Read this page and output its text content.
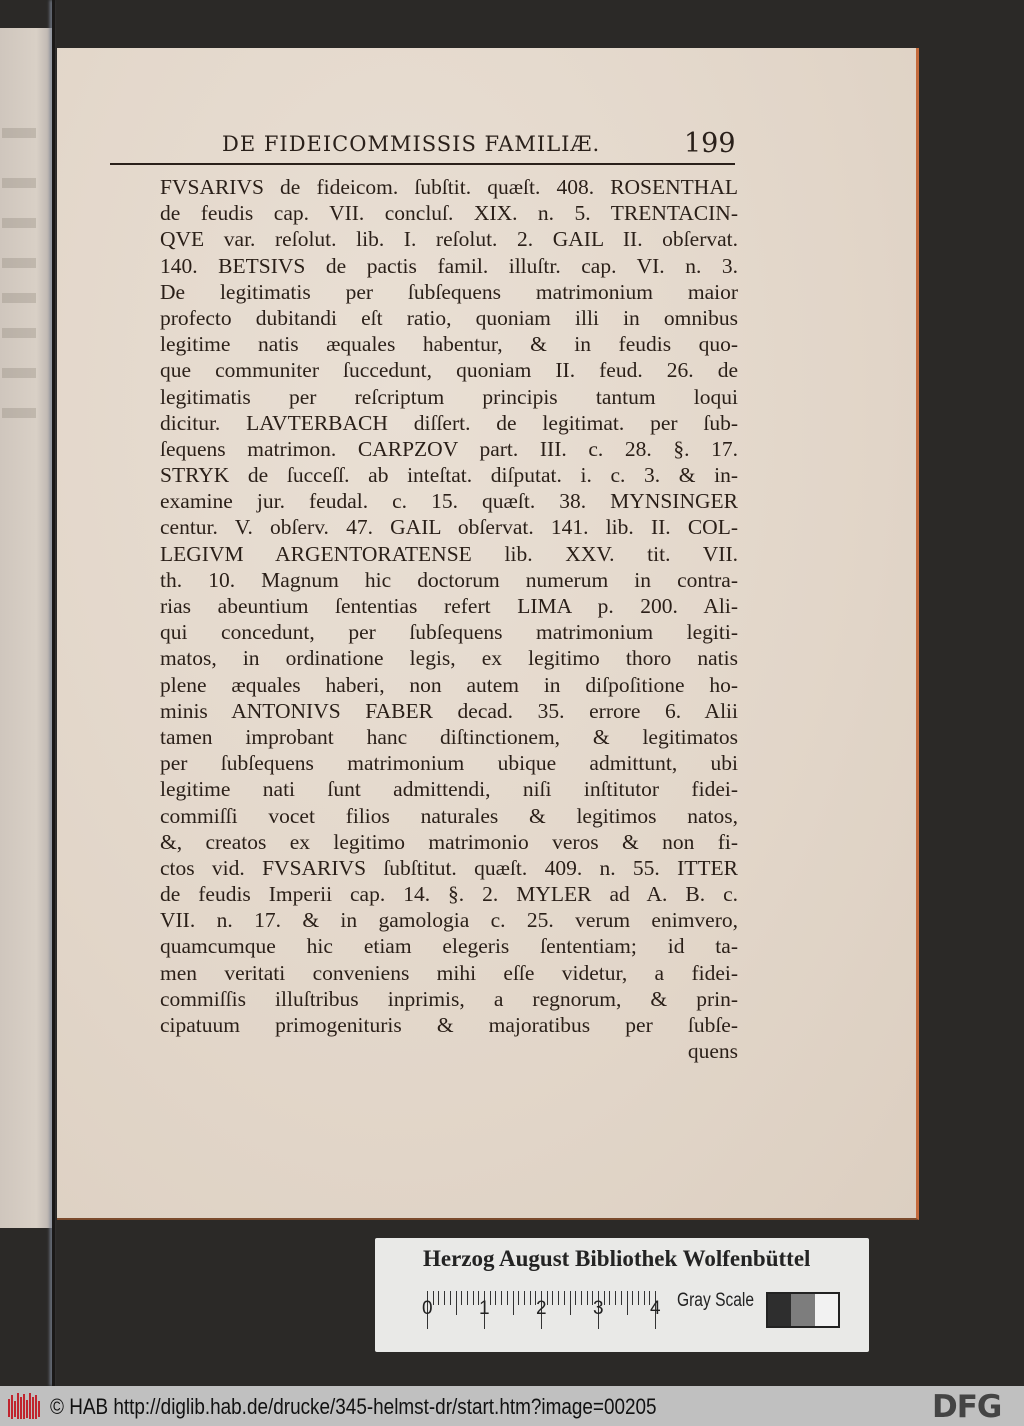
DE FIDEICOMMISSIS FAMILIÆ.	199
FVSARIVS de fideicom. ſubſtit. quæſt. 408. ROSENTHAL
de feudis cap. VII. concluſ. XIX. n. 5. TRENTACIN-
QVE var. reſolut. lib. I. reſolut. 2. GAIL II. obſervat.
140. BETSIVS de pactis famil. illuſtr. cap. VI. n. 3.
De legitimatis per ſubſequens matrimonium maior
profecto dubitandi eſt ratio, quoniam illi in omnibus
legitime natis æquales habentur, & in feudis quo-
que communiter ſuccedunt, quoniam II. feud. 26. de
legitimatis per reſcriptum principis tantum loqui
dicitur. LAVTERBACH diſſert. de legitimat. per ſub-
ſequens matrimon. CARPZOV part. III. c. 28. §. 17.
STRYK de ſucceſſ. ab inteſtat. diſputat. i. c. 3. & in-
examine jur. feudal. c. 15. quæſt. 38. MYNSINGER
centur. V. obſerv. 47. GAIL obſervat. 141. lib. II. COL-
LEGIVM ARGENTORATENSE lib. XXV. tit. VII.
th. 10. Magnum hic doctorum numerum in contra-
rias abeuntium ſententias refert LIMA p. 200. Ali-
qui concedunt, per ſubſequens matrimonium legiti-
matos, in ordinatione legis, ex legitimo thoro natis
plene æquales haberi, non autem in diſpoſitione ho-
minis ANTONIVS FABER decad. 35. errore 6. Alii
tamen improbant hanc diſtinctionem, & legitimatos
per ſubſequens matrimonium ubique admittunt, ubi
legitime nati ſunt admittendi, niſi inſtitutor fidei-
commiſſi vocet filios naturales & legitimos natos,
&, creatos ex legitimo matrimonio veros & non fi-
ctos vid. FVSARIVS ſubſtitut. quæſt. 409. n. 55. ITTER
de feudis Imperii cap. 14. §. 2. MYLER ad A. B. c.
VII. n. 17. & in gamologia c. 25. verum enimvero,
quamcumque hic etiam elegeris ſententiam; id ta-
men veritati conveniens mihi eſſe videtur, a fidei-
commiſſis illuſtribus inprimis, a regnorum, & prin-
cipatuum primogenituris & majoratibus per ſubſe-
quens
Herzog August Bibliothek Wolfenbüttel
0 1 2 3 4 Gray Scale
© HAB http://diglib.hab.de/drucke/345-helmst-dr/start.htm?image=00205	DFG
